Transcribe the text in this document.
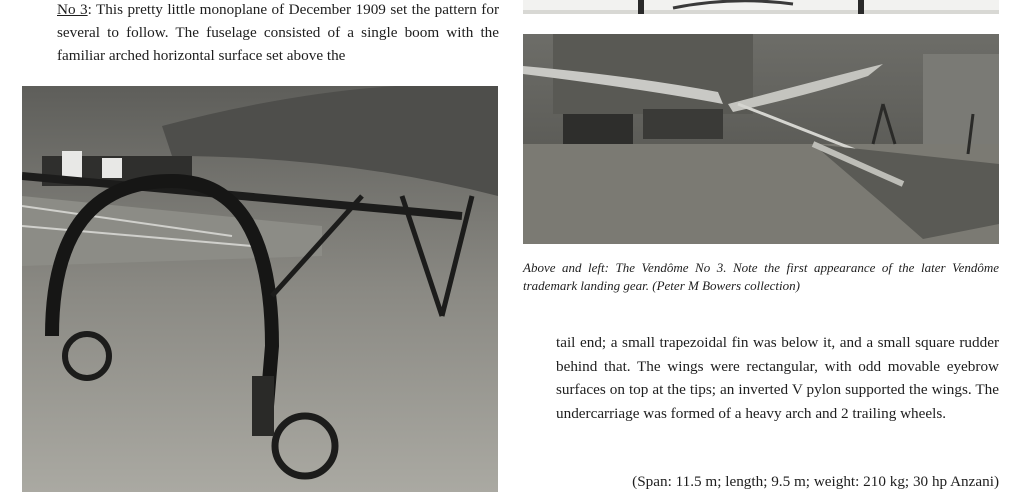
No 3: This pretty little monoplane of December 1909 set the pattern for several to follow. The fuselage consisted of a single boom with the familiar arched horizontal surface set above the

Above and left: The Vendôme No 3. Note the first appearance of the later Vendôme trademark landing gear. (Peter M Bowers collection)

tail end; a small trapezoidal fin was below it, and a small square rudder behind that. The wings were rectangular, with odd movable eyebrow surfaces on top at the tips; an inverted V pylon supported the wings. The undercarriage was formed of a heavy arch and 2 trailing wheels.

(Span: 11.5 m; length; 9.5 m; weight: 210 kg; 30 hp Anzani)
